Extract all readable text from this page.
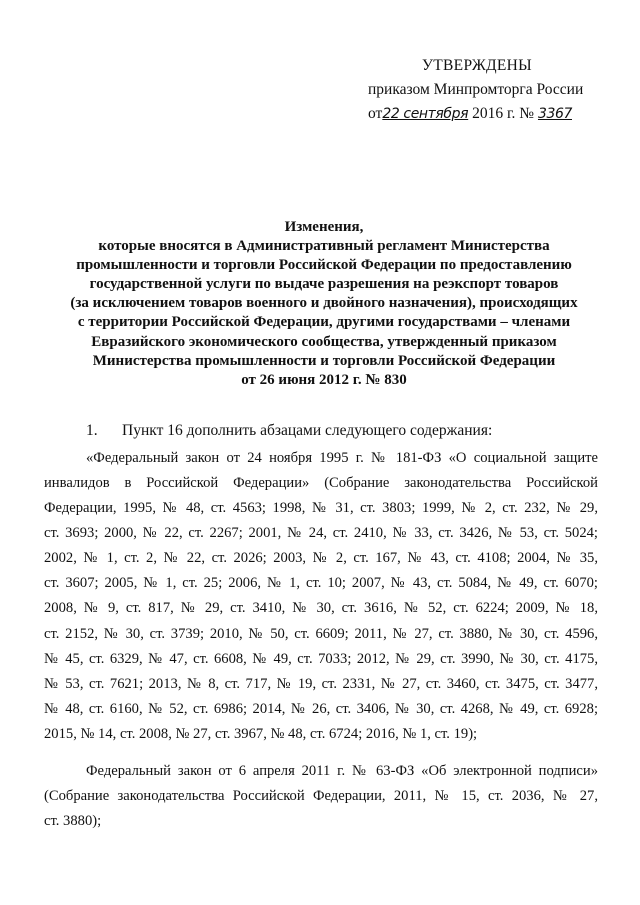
УТВЕРЖДЕНЫ
приказом Минпромторга России
от22 сентября 2016 г. № 3367
Изменения,
которые вносятся в Административный регламент Министерства
промышленности и торговли Российской Федерации по предоставлению
государственной услуги по выдаче разрешения на реэкспорт товаров
(за исключением товаров военного и двойного назначения), происходящих
с территории Российской Федерации, другими государствами – членами
Евразийского экономического сообщества, утвержденный приказом
Министерства промышленности и торговли Российской Федерации
от 26 июня 2012 г. № 830
1. Пункт 16 дополнить абзацами следующего содержания:
«Федеральный закон от 24 ноября 1995 г. № 181-ФЗ «О социальной защите
инвалидов в Российской Федерации» (Собрание законодательства Российской
Федерации, 1995, № 48, ст. 4563; 1998, № 31, ст. 3803; 1999, № 2, ст. 232, № 29,
ст. 3693; 2000, № 22, ст. 2267; 2001, № 24, ст. 2410, № 33, ст. 3426, № 53, ст. 5024;
2002, № 1, ст. 2, № 22, ст. 2026; 2003, № 2, ст. 167, № 43, ст. 4108; 2004, № 35,
ст. 3607; 2005, № 1, ст. 25; 2006, № 1, ст. 10; 2007, № 43, ст. 5084, № 49, ст. 6070;
2008, № 9, ст. 817, № 29, ст. 3410, № 30, ст. 3616, № 52, ст. 6224; 2009, № 18,
ст. 2152, № 30, ст. 3739; 2010, № 50, ст. 6609; 2011, № 27, ст. 3880, № 30, ст. 4596,
№ 45, ст. 6329, № 47, ст. 6608, № 49, ст. 7033; 2012, № 29, ст. 3990, № 30, ст. 4175,
№ 53, ст. 7621; 2013, № 8, ст. 717, № 19, ст. 2331, № 27, ст. 3460, ст. 3475, ст. 3477,
№ 48, ст. 6160, № 52, ст. 6986; 2014, № 26, ст. 3406, № 30, ст. 4268, № 49, ст. 6928;
2015, № 14, ст. 2008, № 27, ст. 3967, № 48, ст. 6724; 2016, № 1, ст. 19);
Федеральный закон от 6 апреля 2011 г. № 63-ФЗ «Об электронной подписи»
(Собрание законодательства Российской Федерации, 2011, № 15, ст. 2036, № 27,
ст. 3880);
